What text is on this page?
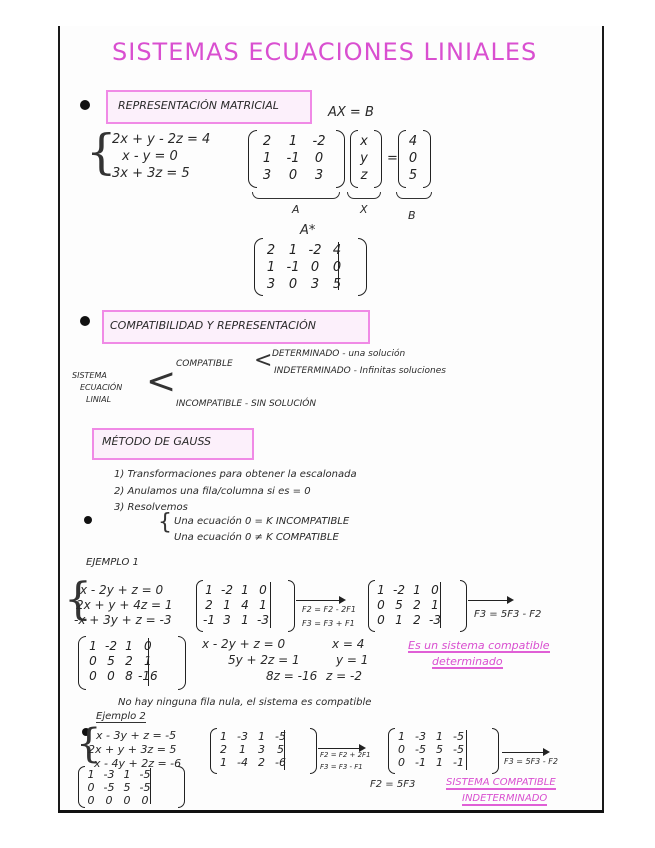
SISTEMAS ECUACIONES LINIALES
REPRESENTACIÓN MATRICIAL	AX = B
{
2x + y - 2z = 4
x - y = 0
3x + 3z = 5
2	1	-2
1	-1	0
3	0	3
x
y
z
=
4
0
5
A	X	B
A*
2	1	-2	4
1	-1	0	0
3	0	3	5
COMPATIBILIDAD Y REPRESENTACIÓN
SISTEMA
ECUACIÓN
LINIAL < COMPATIBLE < DETERMINADO - una solución
INDETERMINADO - Infinitas soluciones
INCOMPATIBLE - SIN SOLUCIÓN
MÉTODO DE GAUSS
1) Transformaciones para obtener la escalonada
2) Anulamos una fila/columna si es = 0
3) Resolvemos
{ Una ecuación 0 = K INCOMPATIBLE
Una ecuación 0 ≠ K COMPATIBLE
EJEMPLO 1
{
x - 2y + z = 0
2x + y + 4z = 1
-x + 3y + z = -3
1	-2	1	0
2	1	4	1
-1	3	1	-3
F2 = F2 - 2F1
F3 = F3 + F1
1	-2	1	0
0	5	2	1
0	1	2	-3	F3 = 5F3 - F2
1	-2	1	0
0	5	2	1
0	0	8	-16
x - 2y + z = 0
5y + 2z = 1
8z = -16
x = 4
y = 1
z = -2
Es un sistema compatible
determinado
No hay ninguna fila nula, el sistema es compatible
Ejemplo 2
{
x - 3y + z = -5
2x + y + 3z = 5
x - 4y + 2z = -6
1	-3	1	-5
2	1	3	5
1	-4	2	-6
F2 = F2 + 2F1
F3 = F3 - F1
1	-3	1	-5
0	-5	5	-5
0	-1	1	-1	F3 = 5F3 - F2
1	-3	1	-5
0	-5	5	-5
0	0	0	0
F2 = 5F3	SISTEMA COMPATIBLE
INDETERMINADO
